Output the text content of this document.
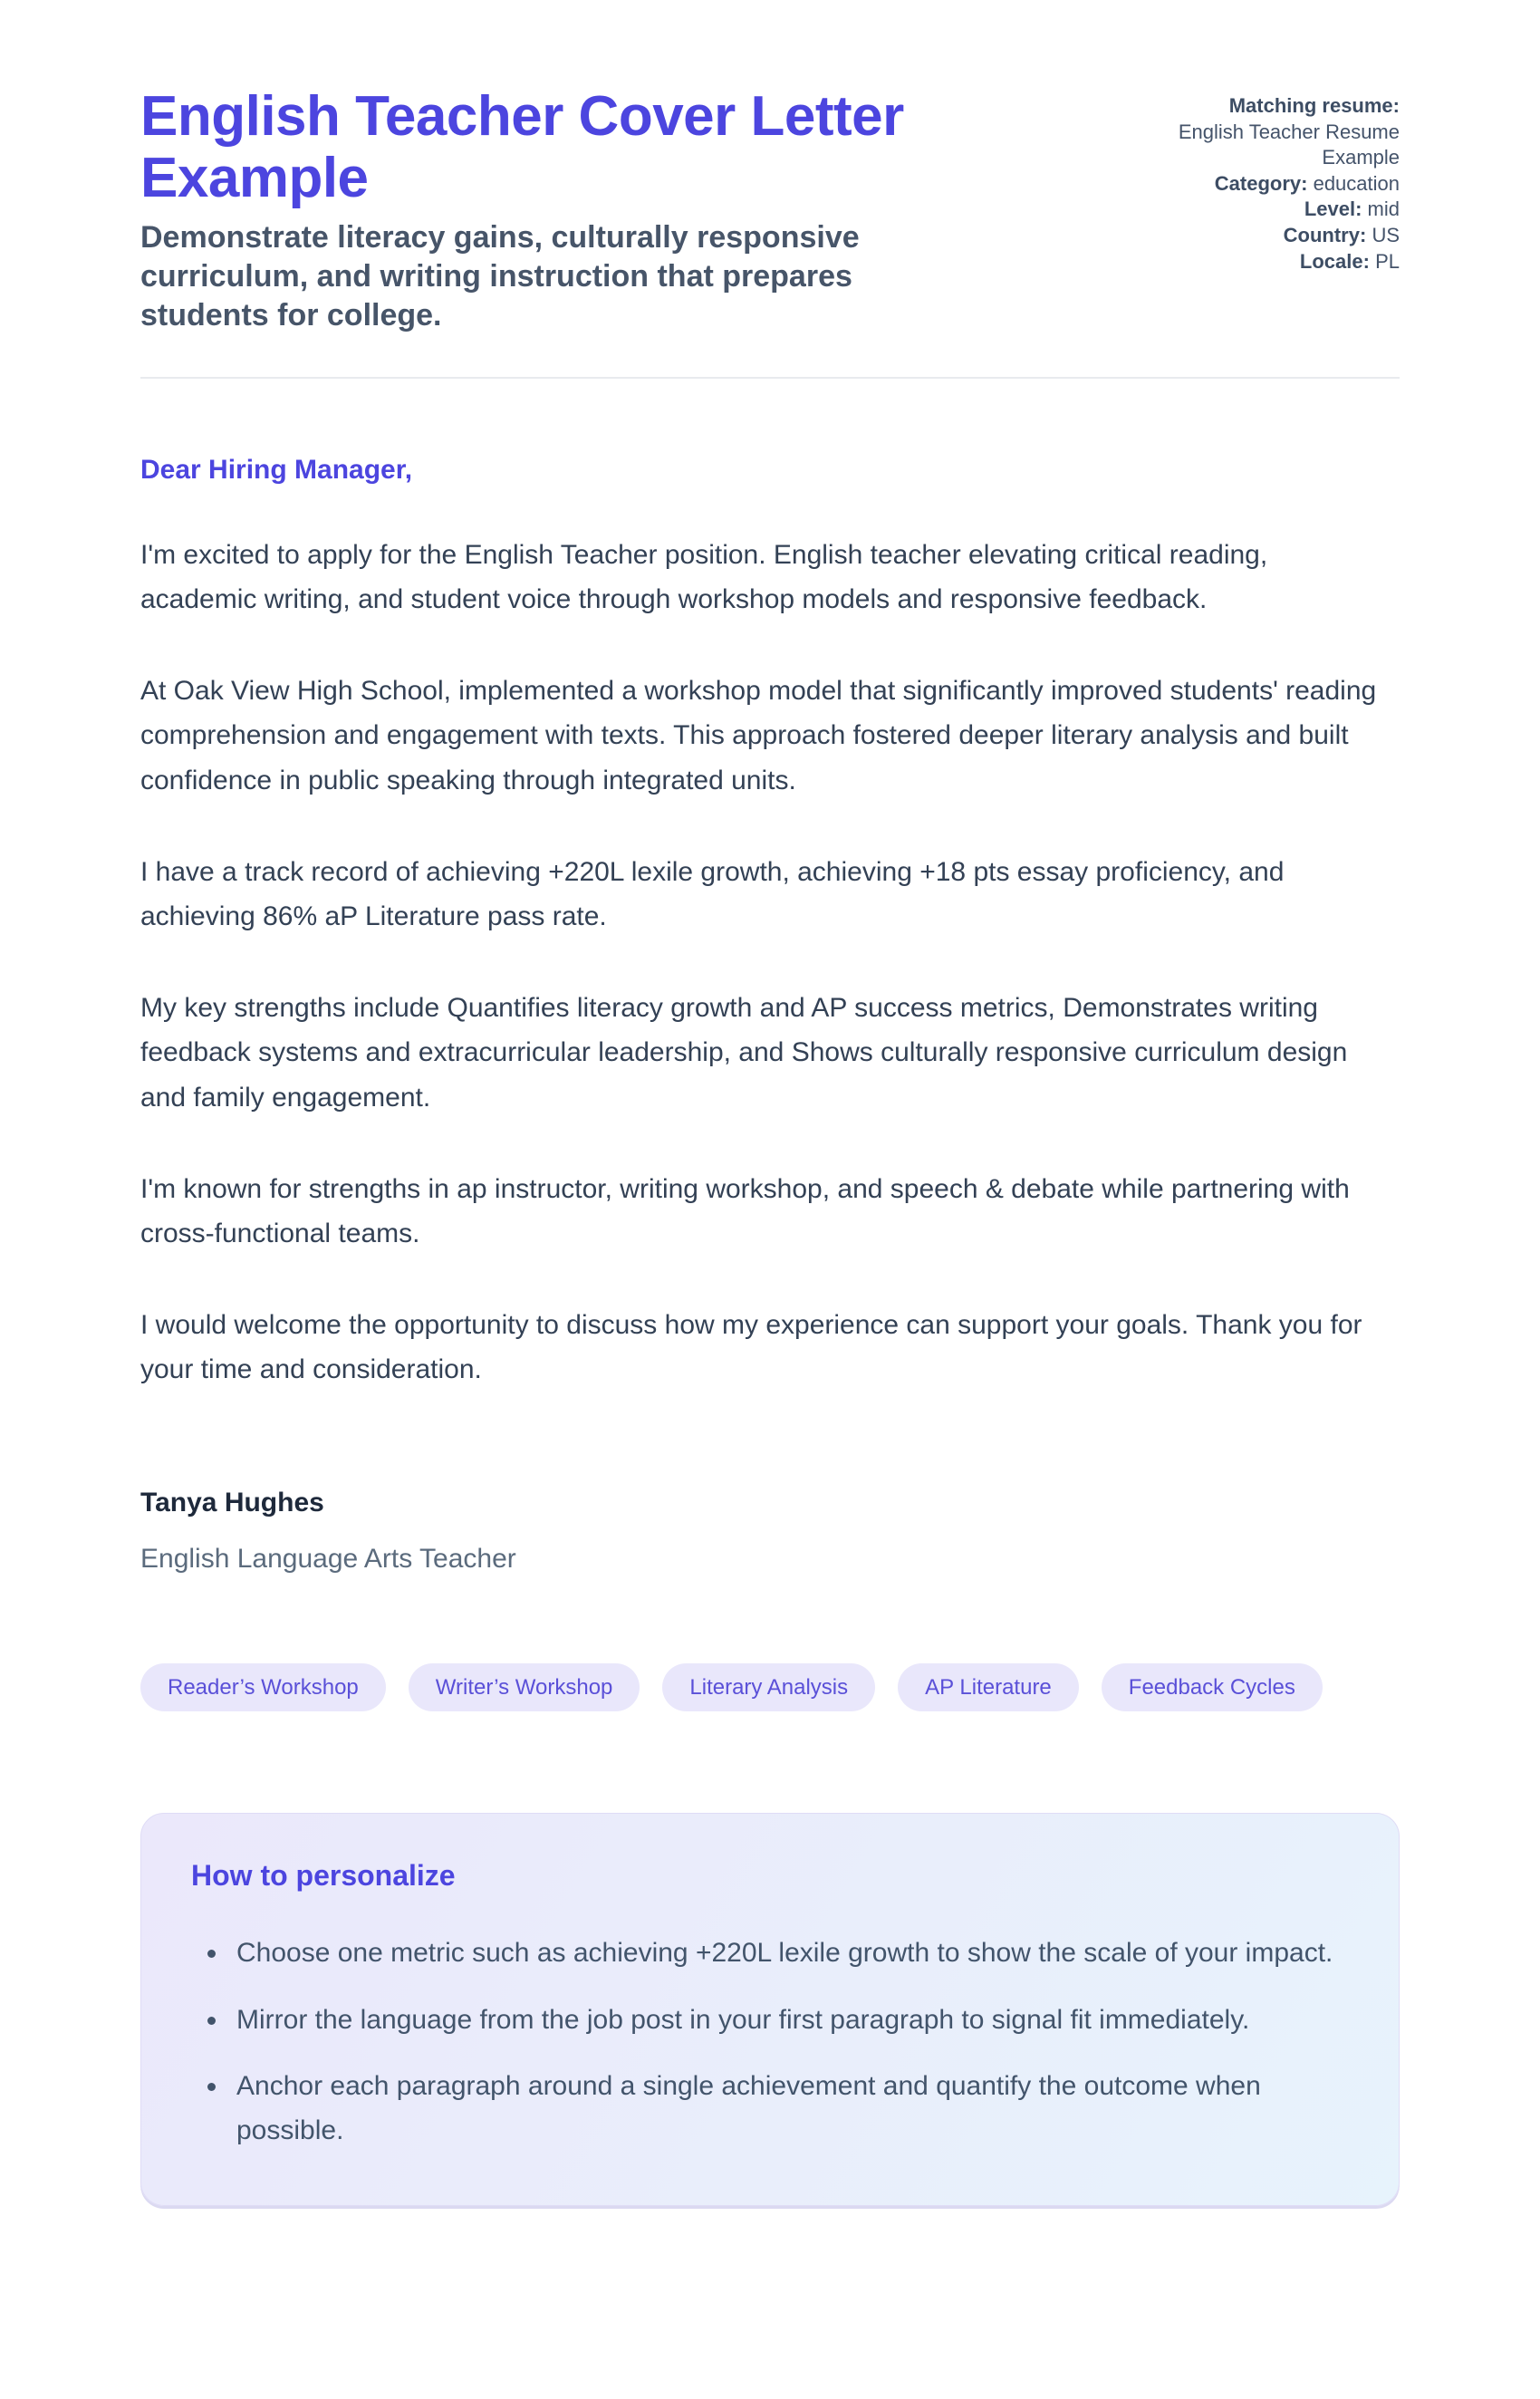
English Teacher Cover Letter
Example
Demonstrate literacy gains, culturally responsive curriculum, and writing instruction that prepares students for college.

Matching resume: English Teacher Resume Example

Category: education

Level: mid

Country: US

Locale: PL

Dear Hiring Manager,

I'm excited to apply for the English Teacher position. English teacher elevating critical reading, academic writing, and student voice through workshop models and responsive feedback.

At Oak View High School, implemented a workshop model that significantly improved students' reading comprehension and engagement with texts. This approach fostered deeper literary analysis and built confidence in public speaking through integrated units.

I have a track record of achieving +220L lexile growth, achieving +18 pts essay proficiency, and achieving 86% aP Literature pass rate.

My key strengths include Quantifies literacy growth and AP success metrics, Demonstrates writing feedback systems and extracurricular leadership, and Shows culturally responsive curriculum design and family engagement.

I'm known for strengths in ap instructor, writing workshop, and speech & debate while partnering with cross-functional teams.

I would welcome the opportunity to discuss how my experience can support your goals. Thank you for your time and consideration.

Tanya Hughes
English Language Arts Teacher
Reader’s Workshop	Writer’s Workshop	Literary Analysis	AP Literature	Feedback Cycles
How to personalize
• Choose one metric such as achieving +220L lexile growth to show the scale of your impact.
• Mirror the language from the job post in your first paragraph to signal fit immediately.
• Anchor each paragraph around a single achievement and quantify the outcome when possible.
